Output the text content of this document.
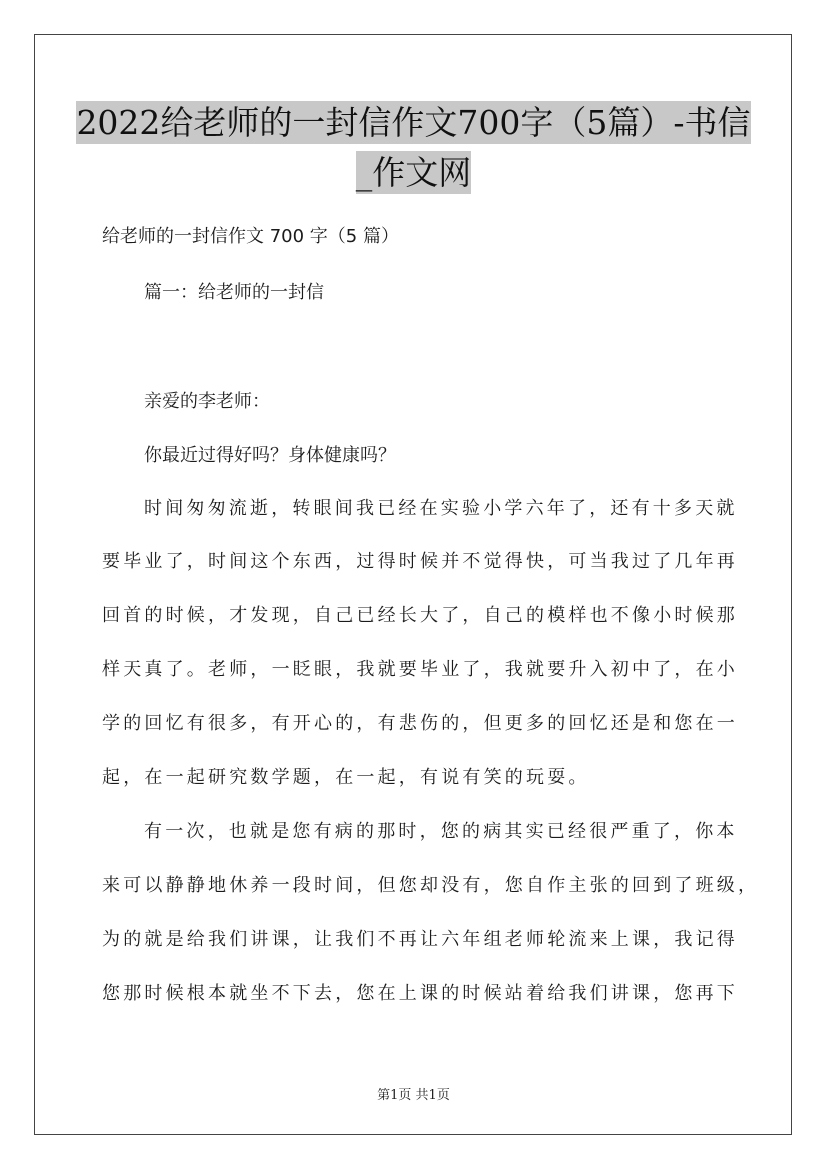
2022给老师的一封信作文700字（5篇）-书信
_作文网
给老师的一封信作文 700 字（5 篇）
篇一：给老师的一封信
亲爱的李老师：
你最近过得好吗？身体健康吗？
时间匆匆流逝，转眼间我已经在实验小学六年了，还有十多天就
要毕业了，时间这个东西，过得时候并不觉得快，可当我过了几年再
回首的时候，才发现，自己已经长大了，自己的模样也不像小时候那
样天真了。老师，一眨眼，我就要毕业了，我就要升入初中了，在小
学的回忆有很多，有开心的，有悲伤的，但更多的回忆还是和您在一
起，在一起研究数学题，在一起，有说有笑的玩耍。
有一次，也就是您有病的那时，您的病其实已经很严重了，你本
来可以静静地休养一段时间，但您却没有，您自作主张的回到了班级，
为的就是给我们讲课，让我们不再让六年组老师轮流来上课，我记得
您那时候根本就坐不下去，您在上课的时候站着给我们讲课，您再下
第1页 共1页
